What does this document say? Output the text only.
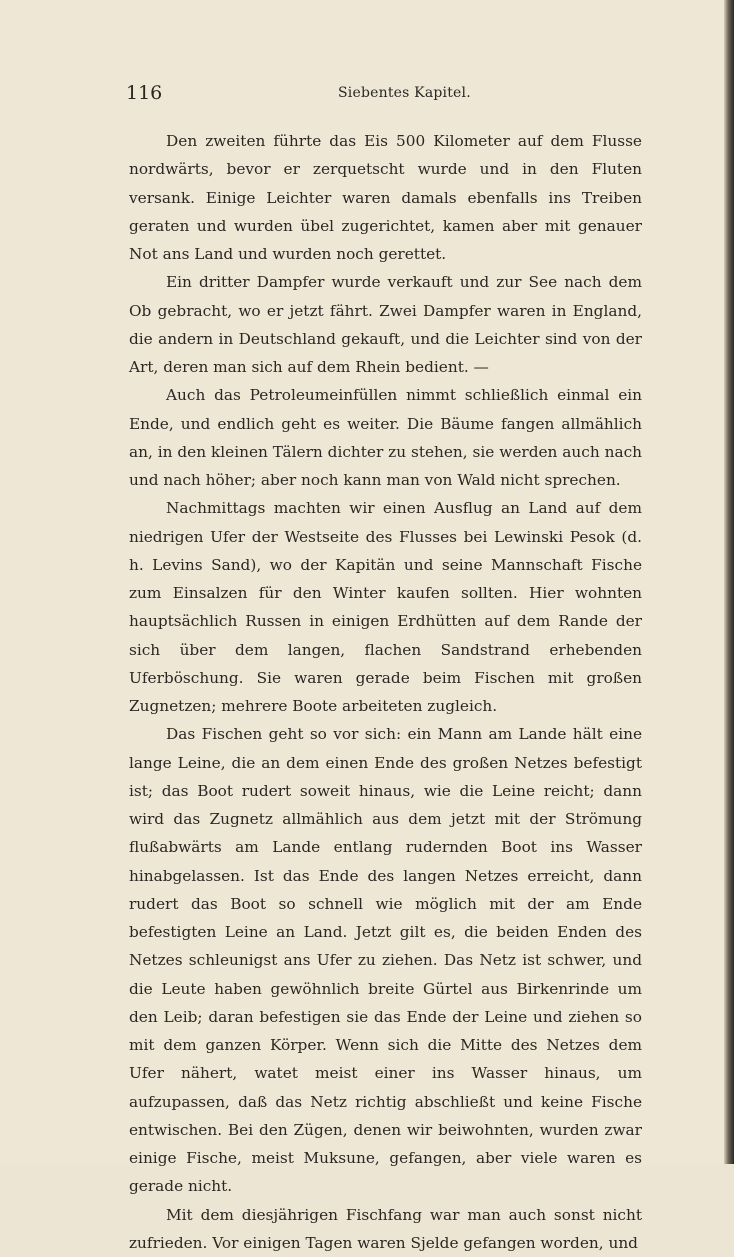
116	Siebentes Kapitel.

Den zweiten führte das Eis 500 Kilometer auf dem Flusse nordwärts, bevor er zerquetscht wurde und in den Fluten versank. Einige Leichter waren damals ebenfalls ins Treiben geraten und wurden übel zugerichtet, kamen aber mit genauer Not ans Land und wurden noch gerettet.

Ein dritter Dampfer wurde verkauft und zur See nach dem Ob gebracht, wo er jetzt fährt. Zwei Dampfer waren in England, die andern in Deutschland gekauft, und die Leichter sind von der Art, deren man sich auf dem Rhein bedient. —

Auch das Petroleumeinfüllen nimmt schließlich einmal ein Ende, und endlich geht es weiter. Die Bäume fangen allmählich an, in den kleinen Tälern dichter zu stehen, sie werden auch nach und nach höher; aber noch kann man von Wald nicht sprechen.

Nachmittags machten wir einen Ausflug an Land auf dem niedrigen Ufer der Westseite des Flusses bei Lewinski Pesok (d. h. Levins Sand), wo der Kapitän und seine Mannschaft Fische zum Einsalzen für den Winter kaufen sollten. Hier wohnten hauptsächlich Russen in einigen Erdhütten auf dem Rande der sich über dem langen, flachen Sandstrand erhebenden Uferböschung. Sie waren gerade beim Fischen mit großen Zugnetzen; mehrere Boote arbeiteten zugleich.

Das Fischen geht so vor sich: ein Mann am Lande hält eine lange Leine, die an dem einen Ende des großen Netzes befestigt ist; das Boot rudert soweit hinaus, wie die Leine reicht; dann wird das Zugnetz allmählich aus dem jetzt mit der Strömung flußabwärts am Lande entlang rudernden Boot ins Wasser hinabgelassen. Ist das Ende des langen Netzes erreicht, dann rudert das Boot so schnell wie möglich mit der am Ende befestigten Leine an Land. Jetzt gilt es, die beiden Enden des Netzes schleunigst ans Ufer zu ziehen. Das Netz ist schwer, und die Leute haben gewöhnlich breite Gürtel aus Birkenrinde um den Leib; daran befestigen sie das Ende der Leine und ziehen so mit dem ganzen Körper. Wenn sich die Mitte des Netzes dem Ufer nähert, watet meist einer ins Wasser hinaus, um aufzupassen, daß das Netz richtig abschließt und keine Fische entwischen. Bei den Zügen, denen wir beiwohnten, wurden zwar einige Fische, meist Muksune, gefangen, aber viele waren es gerade nicht.

Mit dem diesjährigen Fischfang war man auch sonst nicht zufrieden. Vor einigen Tagen waren Sjelde gefangen worden, und
